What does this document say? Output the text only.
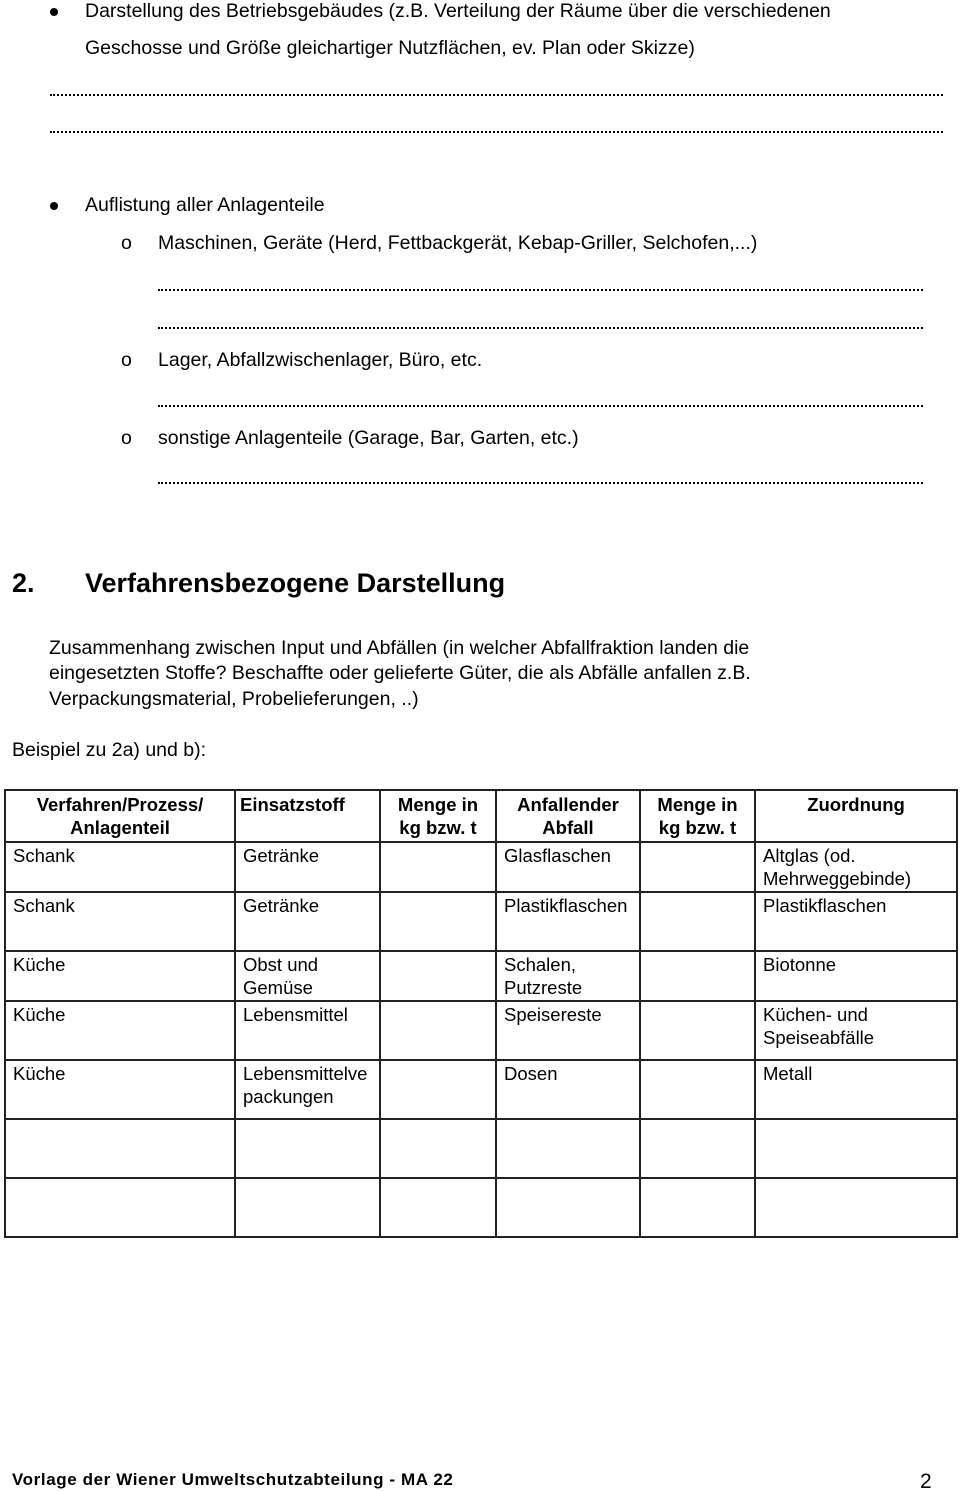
Darstellung des Betriebsgebäudes (z.B. Verteilung der Räume über die verschiedenen
Geschosse und Größe gleichartiger Nutzflächen, ev. Plan oder Skizze)
Auflistung aller Anlagenteile
o Maschinen, Geräte (Herd, Fettbackgerät, Kebap-Griller, Selchofen,...)
o Lager, Abfallzwischenlager, Büro, etc.
o sonstige Anlagenteile (Garage, Bar, Garten, etc.)
2. Verfahrensbezogene Darstellung
Zusammenhang zwischen Input und Abfällen (in welcher Abfallfraktion landen die
eingesetzten Stoffe? Beschaffte oder gelieferte Güter, die als Abfälle anfallen z.B.
Verpackungsmaterial, Probelieferungen, ..)
Beispiel zu 2a) und b):
Verfahren/Prozess/ Anlagenteil	Einsatzstoff	Menge in kg bzw. t	Anfallender Abfall	Menge in kg bzw. t	Zuordnung
Schank	Getränke		Glasflaschen		Altglas (od. Mehrweggebinde)
Schank	Getränke		Plastikflaschen		Plastikflaschen
Küche	Obst und Gemüse		Schalen, Putzreste		Biotonne
Küche	Lebensmittel		Speisereste		Küchen- und Speiseabfälle
Küche	Lebensmittelve packungen		Dosen		Metall

Vorlage der Wiener Umweltschutzabteilung - MA 22	2
